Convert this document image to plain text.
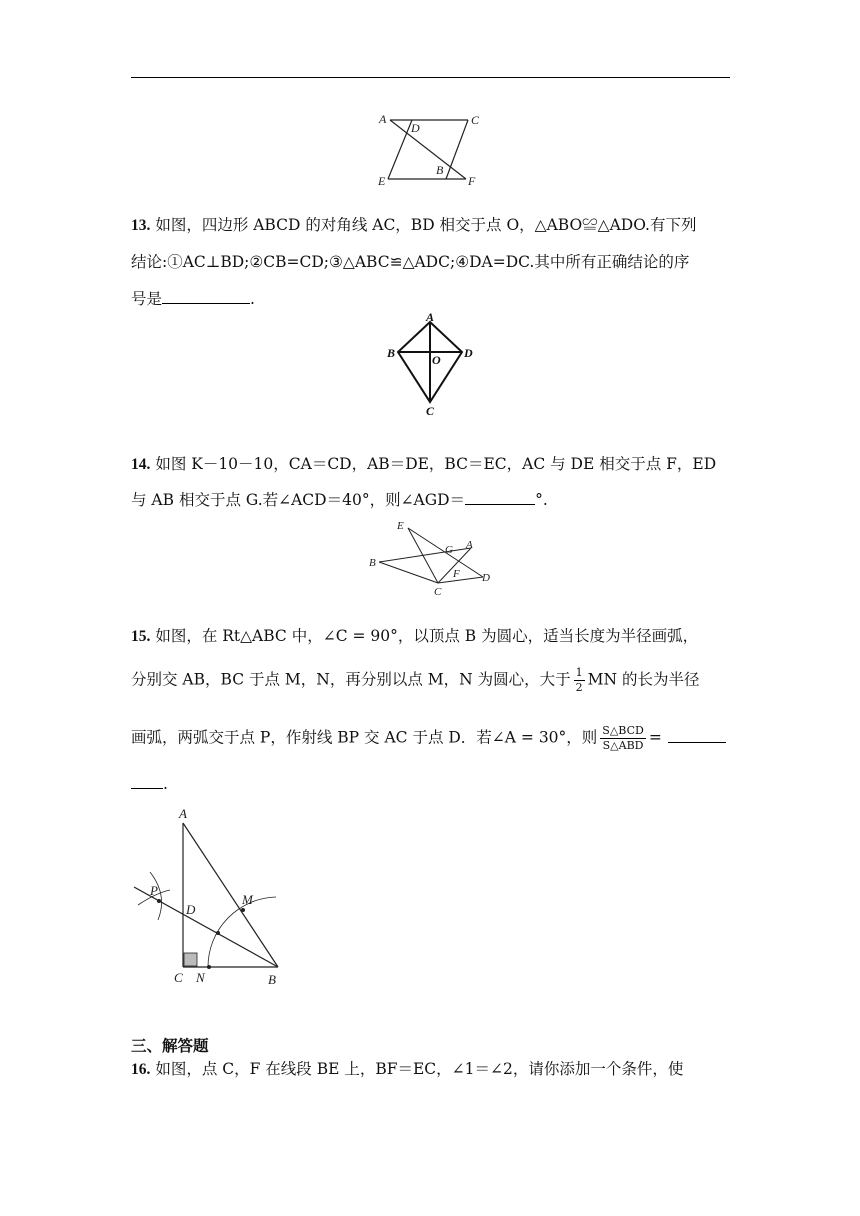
A
D
C
E
B
F
13. 如图，四边形 ABCD 的对角线 AC，BD 相交于点 O，△ABO≌△ADO.有下列
结论:①AC⊥BD;②CB=CD;③△ABC≌△ADC;④DA=DC.其中所有正确结论的序
号是	.
A
B	O D
C
14. 如图 K－10－10，CA＝CD，AB＝DE，BC＝EC，AC 与 DE 相交于点 F，ED
与 AB 相交于点 G.若∠ACD＝40°，则∠AGD＝	°.
E
B
G A
F D
C
15. 如图，在 Rt△ABC 中，∠C = 90°，以顶点 B 为圆心，适当长度为半径画弧，
分别交 AB，BC 于点 M，N，再分别以点 M，N 为圆心，大于 $\frac{1}{2}$ MN 的长为半径
画弧，两弧交于点 P，作射线 BP 交 AC 于点 D．若∠A = 30°，则 $\frac{\text{S△BCD}}{\text{S△ABD}}$ =
.
A
P
M
D
C N	B
三、解答题
16. 如图，点 C，F 在线段 BE 上，BF＝EC，∠1＝∠2，请你添加一个条件，使
